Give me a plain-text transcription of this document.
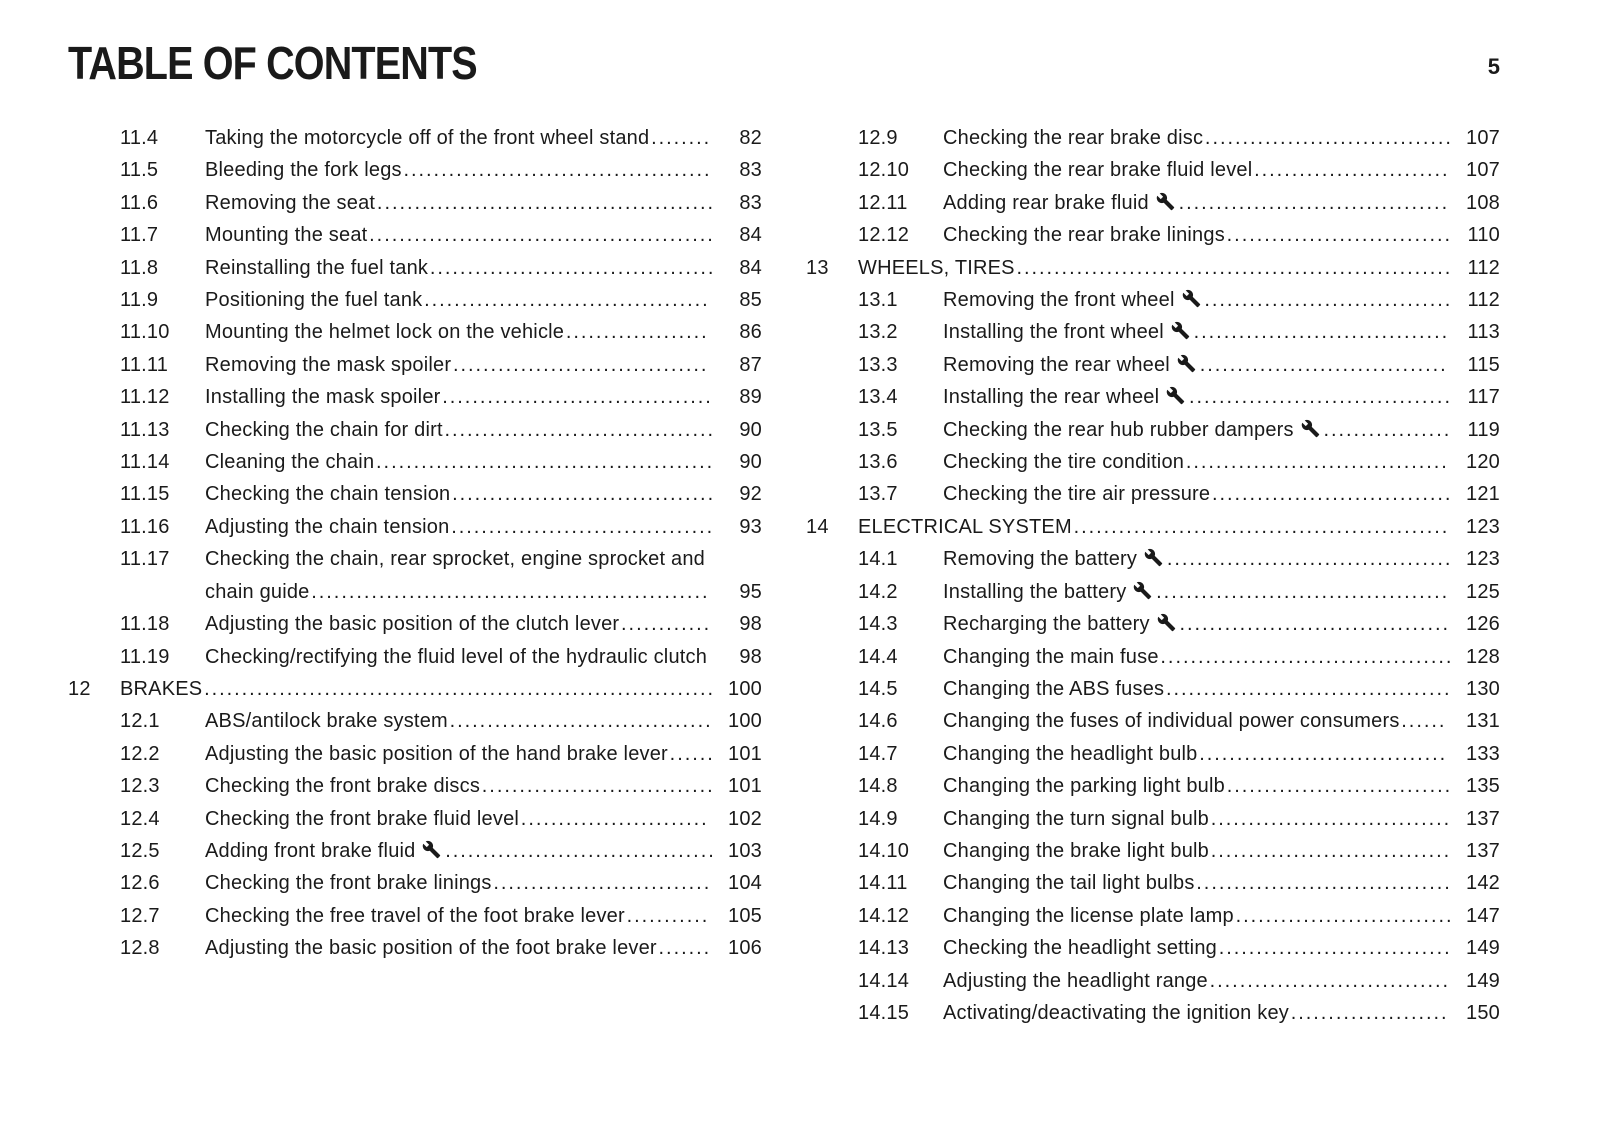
TABLE OF CONTENTS	5
11.4 Taking the motorcycle off of the front wheel stand . . . . . . . . 82
11.5 Bleeding the fork legs . . . . . . . . . . . . . . . . . . . . . . . . . . . . . . . . . . . . . . . . . 83
11.6 Removing the seat . . . . . . . . . . . . . . . . . . . . . . . . . . . . . . . . . . . . . . . . . . . . . 83
11.7 Mounting the seat . . . . . . . . . . . . . . . . . . . . . . . . . . . . . . . . . . . . . . . . . . . . . . 84
11.8 Reinstalling the fuel tank . . . . . . . . . . . . . . . . . . . . . . . . . . . . . . . . . . . . . . 84
11.9 Positioning the fuel tank . . . . . . . . . . . . . . . . . . . . . . . . . . . . . . . . . . . . . . 85
11.10 Mounting the helmet lock on the vehicle . . . . . . . . . . . . . . . . . . . 86
11.11 Removing the mask spoiler . . . . . . . . . . . . . . . . . . . . . . . . . . . . . . . . . . 87
11.12 Installing the mask spoiler . . . . . . . . . . . . . . . . . . . . . . . . . . . . . . . . . . . . 89
11.13 Checking the chain for dirt . . . . . . . . . . . . . . . . . . . . . . . . . . . . . . . . . . . . 90
11.14 Cleaning the chain . . . . . . . . . . . . . . . . . . . . . . . . . . . . . . . . . . . . . . . . . . . . . 90
11.15 Checking the chain tension . . . . . . . . . . . . . . . . . . . . . . . . . . . . . . . . . . . 92
11.16 Adjusting the chain tension . . . . . . . . . . . . . . . . . . . . . . . . . . . . . . . . . . . 93
11.17 Checking the chain, rear sprocket, engine sprocket and chain guide . . . . . . . . . . . . . . . . . . . . . . . . . . . . . . . . . . . . . . . . . . . . . . . . . . . . . 95
11.18 Adjusting the basic position of the clutch lever . . . . . . . . . . . . 98
11.19 Checking/rectifying the fluid level of the hydraulic clutch 98
12 BRAKES . . . . . . . . . . . . . . . . . . . . . . . . . . . . . . . . . . . . . . . . . . . . . . . . . . . . . . . . . . . . . . . . . . . . 100
12.1 ABS/antilock brake system . . . . . . . . . . . . . . . . . . . . . . . . . . . . . . . . . . . 100
12.2 Adjusting the basic position of the hand brake lever . . . . . . 101
12.3 Checking the front brake discs . . . . . . . . . . . . . . . . . . . . . . . . . . . . . . . 101
12.4 Checking the front brake fluid level . . . . . . . . . . . . . . . . . . . . . . . . . 102
12.5 Adding front brake fluid . . . . . . . . . . . . . . . . . . . . . . . . . . . . . . . . . . . . 103
12.6 Checking the front brake linings . . . . . . . . . . . . . . . . . . . . . . . . . . . . . 104
12.7 Checking the free travel of the foot brake lever . . . . . . . . . . . 105
12.8 Adjusting the basic position of the foot brake lever . . . . . . . 106
12.9 Checking the rear brake disc . . . . . . . . . . . . . . . . . . . . . . . . . . . . . . . . . 107
12.10 Checking the rear brake fluid level . . . . . . . . . . . . . . . . . . . . . . . . . . 107
12.11 Adding rear brake fluid . . . . . . . . . . . . . . . . . . . . . . . . . . . . . . . . . . . . 108
12.12 Checking the rear brake linings . . . . . . . . . . . . . . . . . . . . . . . . . . . . . . 110
13 WHEELS, TIRES . . . . . . . . . . . . . . . . . . . . . . . . . . . . . . . . . . . . . . . . . . . . . . . . . . . . . . . . . . 112
13.1 Removing the front wheel . . . . . . . . . . . . . . . . . . . . . . . . . . . . . . . . . 112
13.2 Installing the front wheel . . . . . . . . . . . . . . . . . . . . . . . . . . . . . . . . . . 113
13.3 Removing the rear wheel . . . . . . . . . . . . . . . . . . . . . . . . . . . . . . . . . 115
13.4 Installing the rear wheel . . . . . . . . . . . . . . . . . . . . . . . . . . . . . . . . . . . 117
13.5 Checking the rear hub rubber dampers . . . . . . . . . . . . . . . . . 119
13.6 Checking the tire condition . . . . . . . . . . . . . . . . . . . . . . . . . . . . . . . . . . . 120
13.7 Checking the tire air pressure . . . . . . . . . . . . . . . . . . . . . . . . . . . . . . . . 121
14 ELECTRICAL SYSTEM . . . . . . . . . . . . . . . . . . . . . . . . . . . . . . . . . . . . . . . . . . . . . . . . . . 123
14.1 Removing the battery . . . . . . . . . . . . . . . . . . . . . . . . . . . . . . . . . . . . . . 123
14.2 Installing the battery . . . . . . . . . . . . . . . . . . . . . . . . . . . . . . . . . . . . . . . 125
14.3 Recharging the battery . . . . . . . . . . . . . . . . . . . . . . . . . . . . . . . . . . . . 126
14.4 Changing the main fuse . . . . . . . . . . . . . . . . . . . . . . . . . . . . . . . . . . . . . . . 128
14.5 Changing the ABS fuses . . . . . . . . . . . . . . . . . . . . . . . . . . . . . . . . . . . . . . 130
14.6 Changing the fuses of individual power consumers . . . . . . 131
14.7 Changing the headlight bulb . . . . . . . . . . . . . . . . . . . . . . . . . . . . . . . . . 133
14.8 Changing the parking light bulb . . . . . . . . . . . . . . . . . . . . . . . . . . . . . . 135
14.9 Changing the turn signal bulb . . . . . . . . . . . . . . . . . . . . . . . . . . . . . . . . 137
14.10 Changing the brake light bulb . . . . . . . . . . . . . . . . . . . . . . . . . . . . . . . . 137
14.11 Changing the tail light bulbs . . . . . . . . . . . . . . . . . . . . . . . . . . . . . . . . . . 142
14.12 Changing the license plate lamp . . . . . . . . . . . . . . . . . . . . . . . . . . . . . 147
14.13 Checking the headlight setting . . . . . . . . . . . . . . . . . . . . . . . . . . . . . . . 149
14.14 Adjusting the headlight range . . . . . . . . . . . . . . . . . . . . . . . . . . . . . . . . 149
14.15 Activating/deactivating the ignition key . . . . . . . . . . . . . . . . . . . . . 150
